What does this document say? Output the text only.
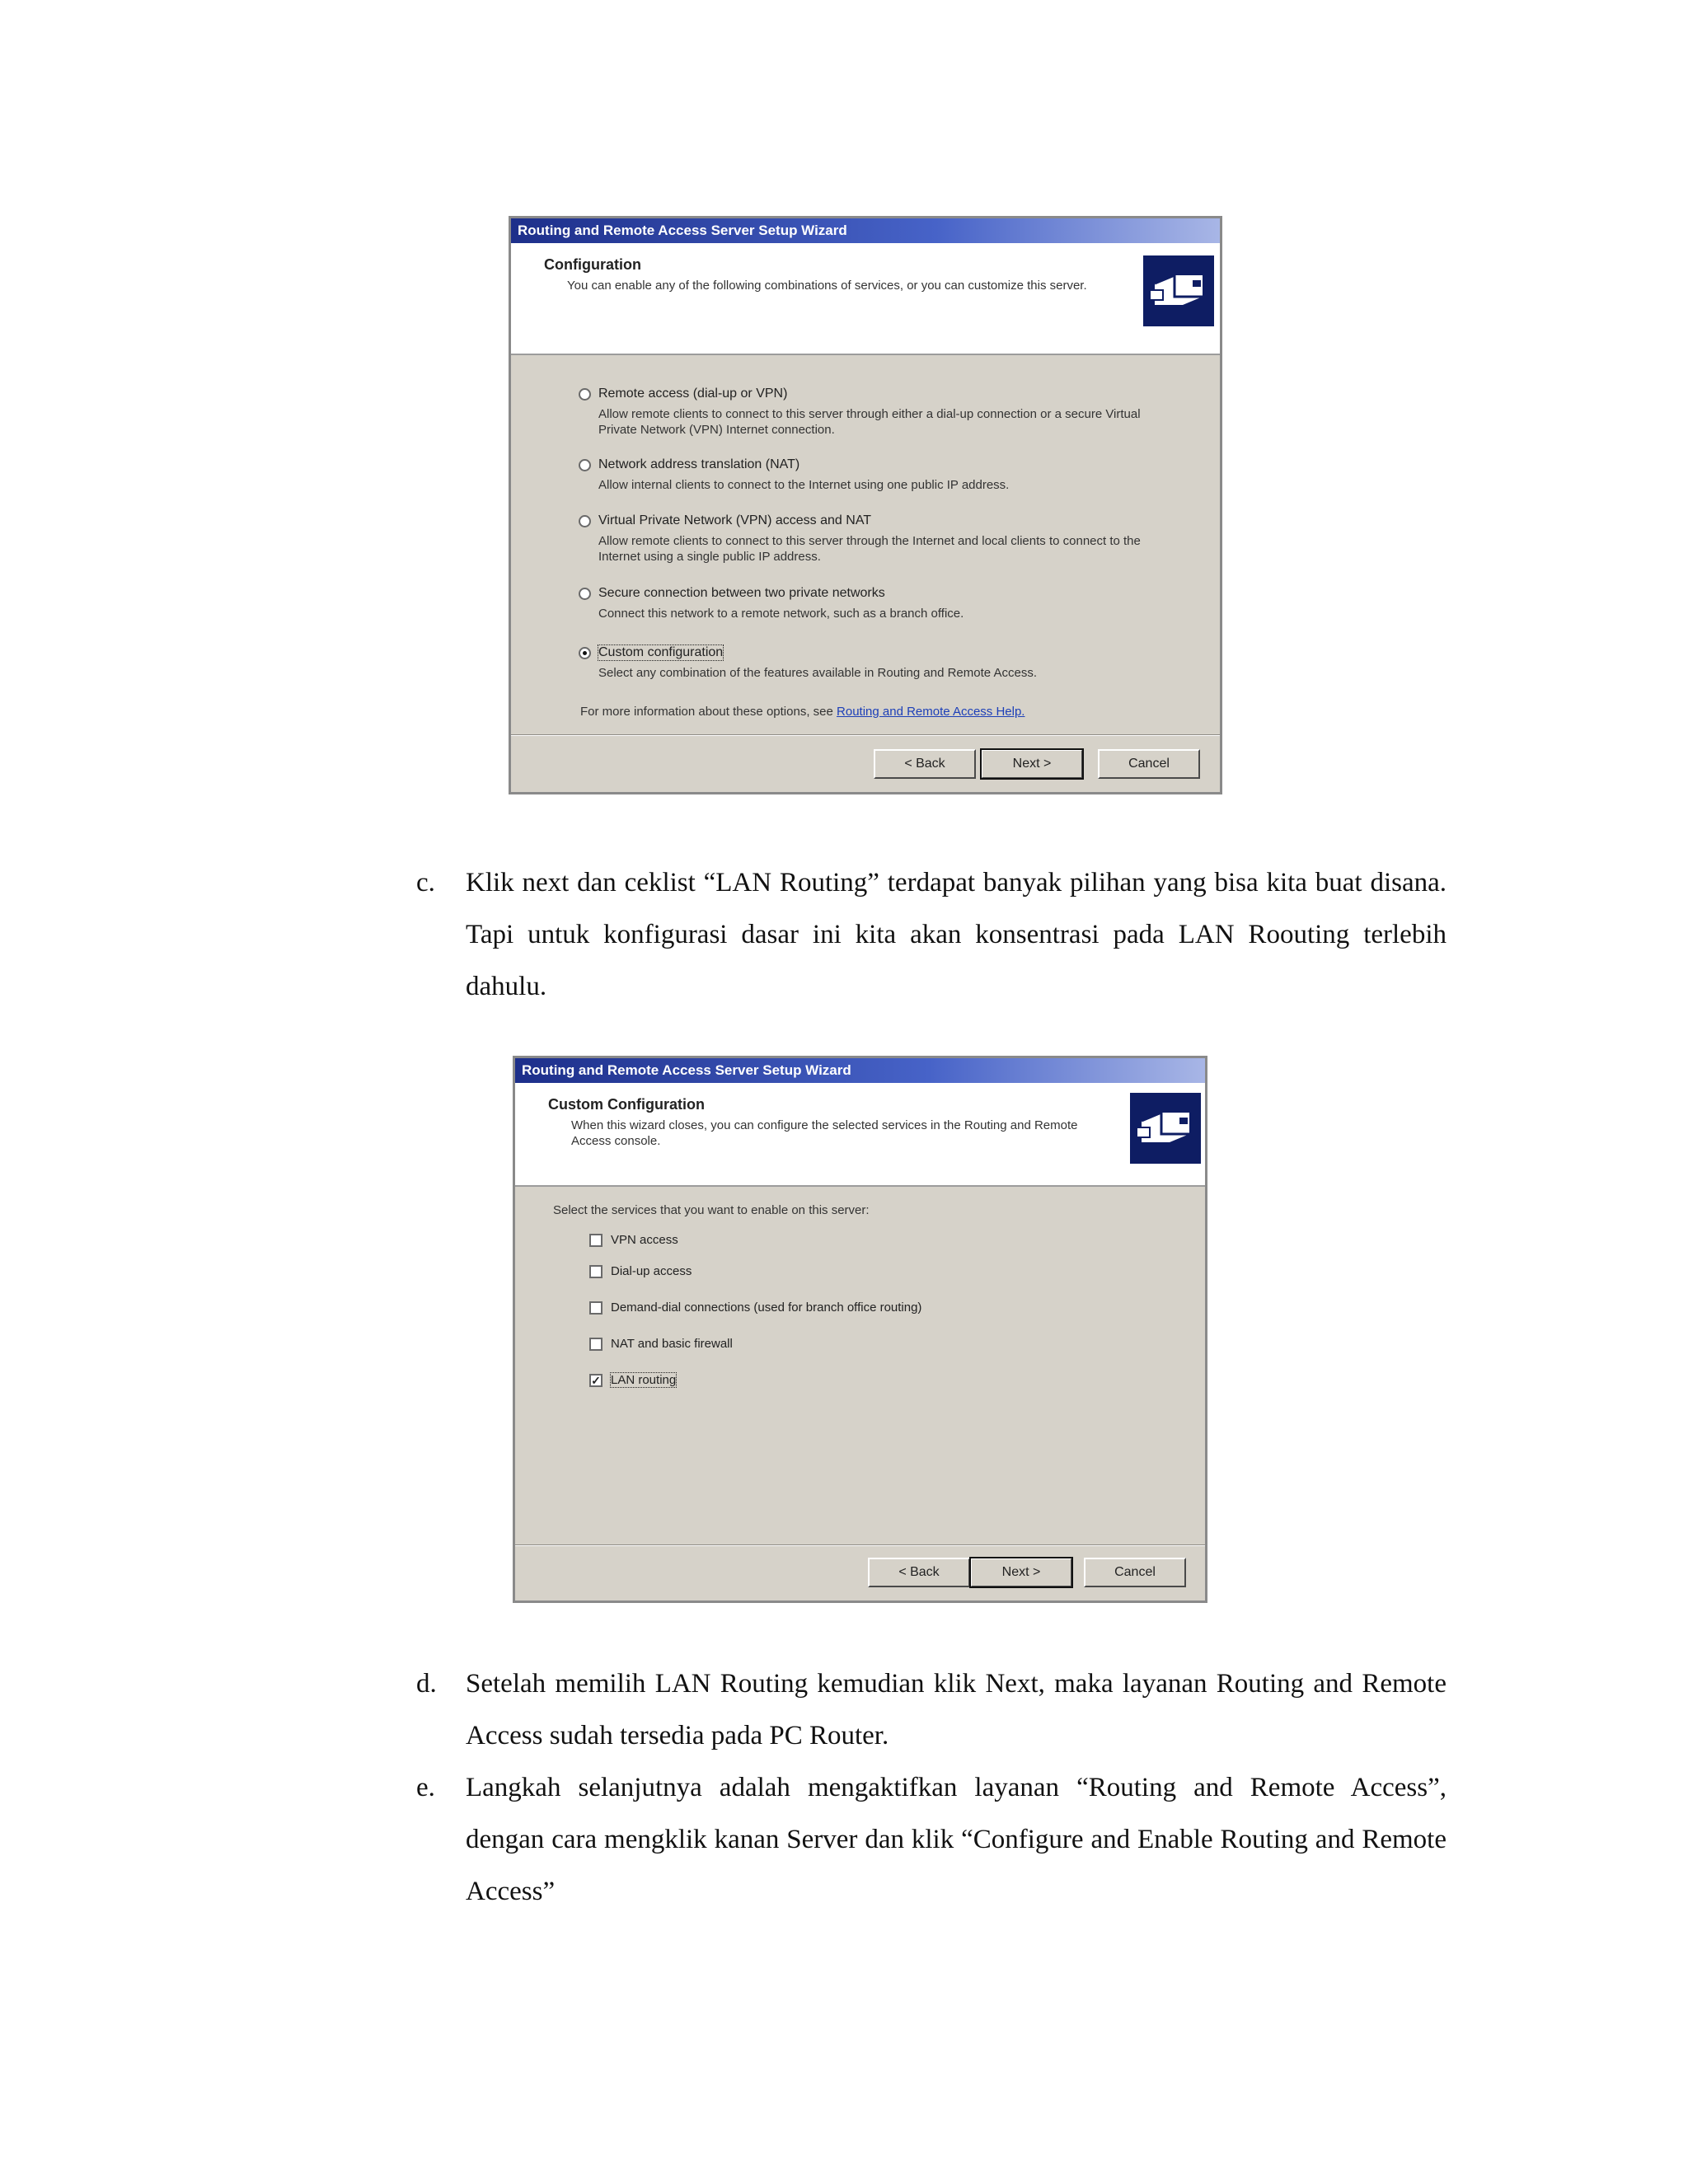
Routing and Remote Access Server Setup Wizard
Configuration
You can enable any of the following combinations of services, or you can customize this server.
Remote access (dial-up or VPN)
Allow remote clients to connect to this server through either a dial-up connection or a secure Virtual Private Network (VPN) Internet connection.
Network address translation (NAT)
Allow internal clients to connect to the Internet using one public IP address.
Virtual Private Network (VPN) access and NAT
Allow remote clients to connect to this server through the Internet and local clients to connect to the Internet using a single public IP address.
Secure connection between two private networks
Connect this network to a remote network, such as a branch office.
Custom configuration
Select any combination of the features available in Routing and Remote Access.
For more information about these options, see Routing and Remote Access Help.
< Back	Next >	Cancel
c. Klik next dan ceklist “LAN Routing” terdapat banyak pilihan yang bisa kita buat disana. Tapi untuk konfigurasi dasar ini kita akan konsentrasi pada LAN Roouting terlebih dahulu.
Routing and Remote Access Server Setup Wizard
Custom Configuration
When this wizard closes, you can configure the selected services in the Routing and Remote Access console.
Select the services that you want to enable on this server:
VPN access
Dial-up access
Demand-dial connections (used for branch office routing)
NAT and basic firewall
✓ LAN routing
< Back	Next >	Cancel
d. Setelah memilih LAN Routing kemudian klik Next, maka layanan Routing and Remote Access sudah tersedia pada PC Router.
e. Langkah selanjutnya adalah mengaktifkan layanan “Routing and Remote Access”, dengan cara mengklik kanan Server dan klik “Configure and Enable Routing and Remote Access”
